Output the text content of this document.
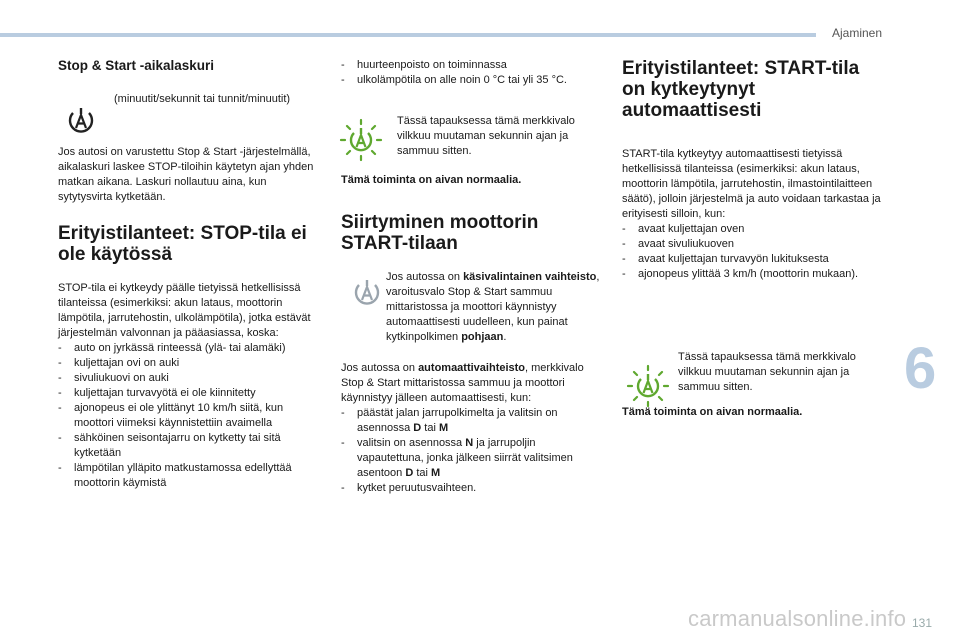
Ajaminen
6
131

Stop & Start -aikalaskuri

(minuutit/sekunnit tai tunnit/minuutit)

Jos autosi on varustettu Stop & Start -järjestelmällä, aikalaskuri laskee STOP-tiloihin käytetyn ajan yhden matkan aikana. Laskuri nollautuu aina, kun sytytysvirta kytketään.

Erityistilanteet: STOP-tila ei ole käytössä

STOP-tila ei kytkeydy päälle tietyissä hetkellisissä tilanteissa (esimerkiksi: akun lataus, moottorin lämpötila, jarrutehostin, ulkolämpötila), jotka estävät järjestelmän valvonnan ja pääasiassa, koska:

- auto on jyrkässä rinteessä (ylä- tai alamäki)
- kuljettajan ovi on auki
- sivuliukuovi on auki
- kuljettajan turvavyötä ei ole kiinnitetty
- ajonopeus ei ole ylittänyt 10 km/h siitä, kun moottori viimeksi käynnistettiin avaimella
- sähköinen seisontajarru on kytketty tai sitä kytketään
- lämpötilan ylläpito matkustamossa edellyttää moottorin käymistä
- huurteenpoisto on toiminnassa
- ulkolämpötila on alle noin 0 °C tai yli 35 °C.

Tässä tapauksessa tämä merkkivalo vilkkuu muutaman sekunnin ajan ja sammuu sitten.

Tämä toiminta on aivan normaalia.

Siirtyminen moottorin START-tilaan

Jos autossa on käsivalintainen vaihteisto, varoitusvalo Stop & Start sammuu mittaristossa ja moottori käynnistyy automaattisesti uudelleen, kun painat kytkinpolkimen pohjaan.

Jos autossa on automaattivaihteisto, merkkivalo Stop & Start mittaristossa sammuu ja moottori käynnistyy jälleen automaattisesti, kun:

- päästät jalan jarrupolkimelta ja valitsin on asennossa D tai M
- valitsin on asennossa N ja jarrupoljin vapautettuna, jonka jälkeen siirrät valitsimen asentoon D tai M
- kytket peruutusvaihteen.

Erityistilanteet: START-tila on kytkeytynyt automaattisesti

START-tila kytkeytyy automaattisesti tietyissä hetkellisissä tilanteissa (esimerkiksi: akun lataus, moottorin lämpötila, jarrutehostin, ilmastointilaitteen säätö), jolloin järjestelmä ja auto voidaan tarkastaa ja erityisesti silloin, kun:

- avaat kuljettajan oven
- avaat sivuliukuoven
- avaat kuljettajan turvavyön lukituksesta
- ajonopeus ylittää 3 km/h (moottorin mukaan).

Tässä tapauksessa tämä merkkivalo vilkkuu muutaman sekunnin ajan ja sammuu sitten.

Tämä toiminta on aivan normaalia.

carmanualsonline.info
